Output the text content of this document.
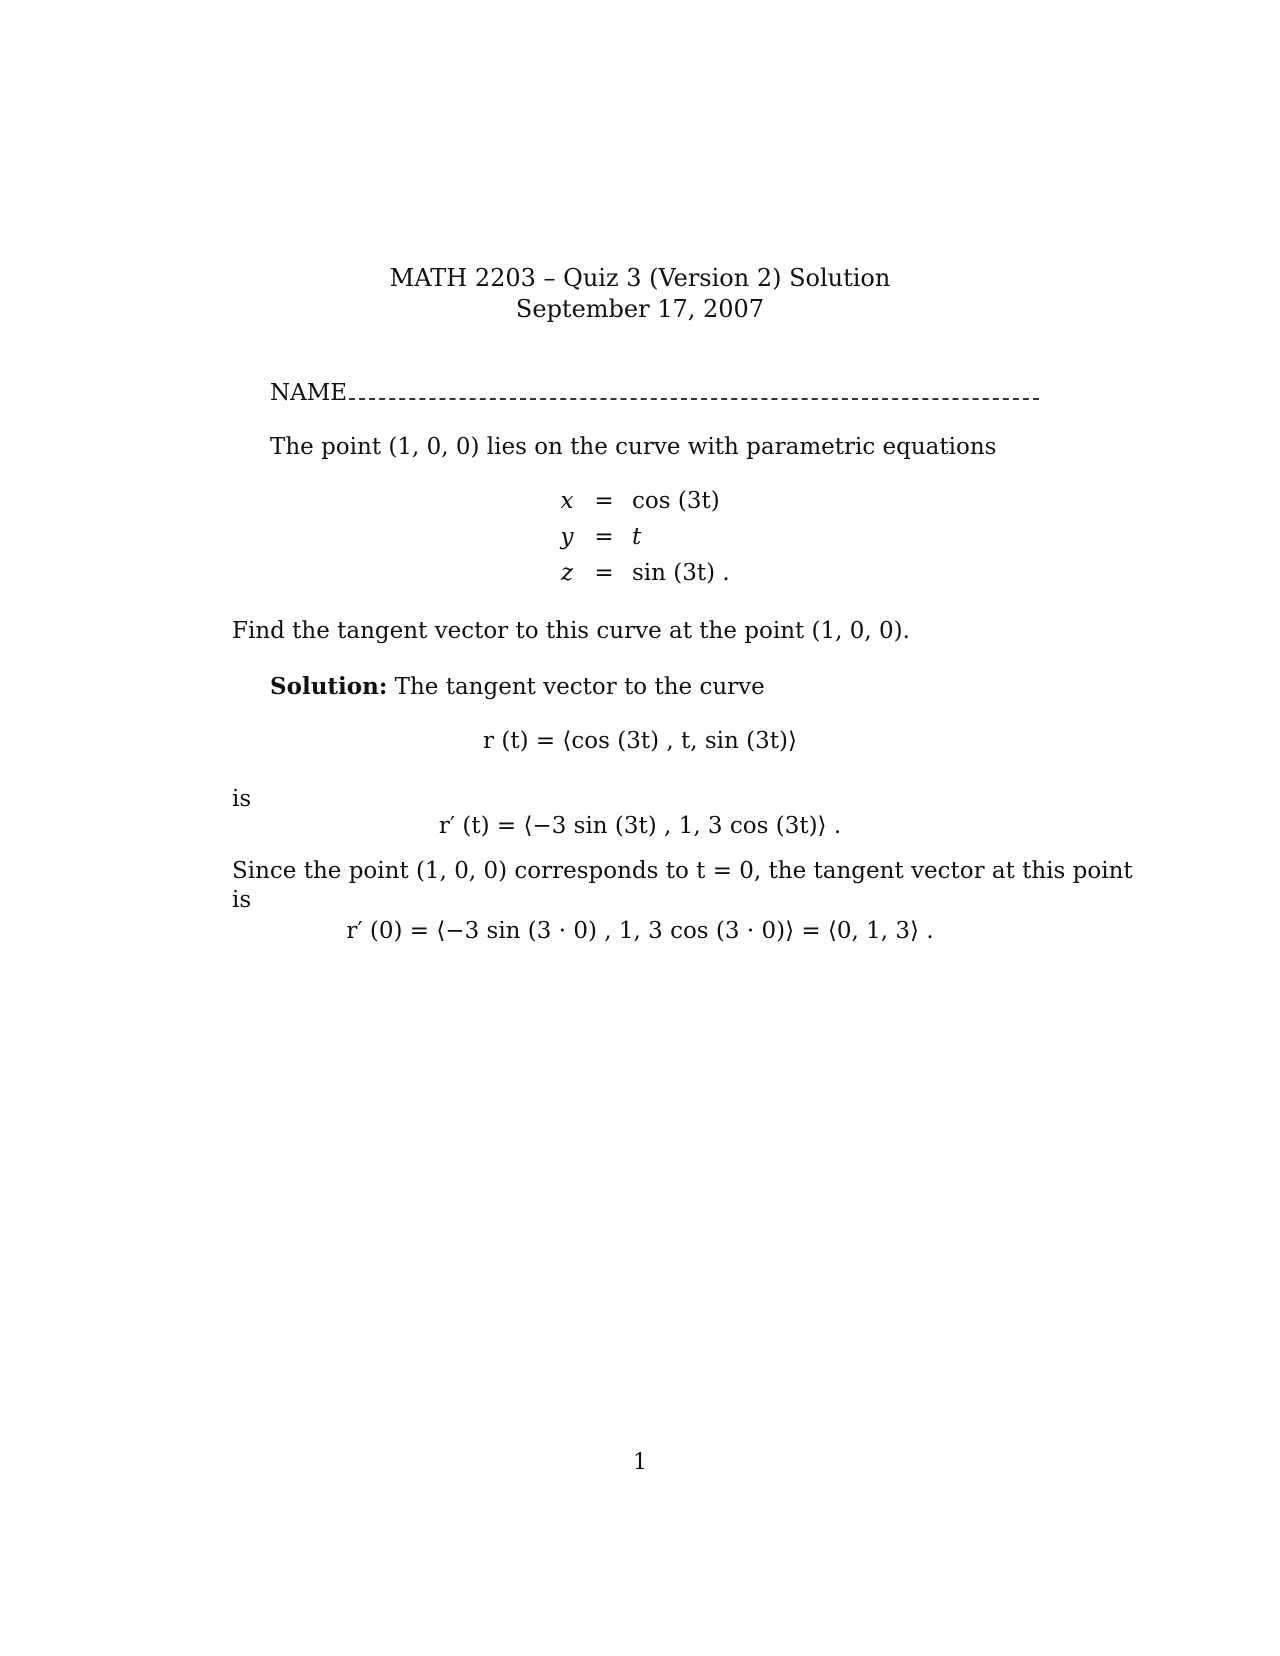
MATH 2203 – Quiz 3 (Version 2) Solution
September 17, 2007
NAME
The point (1, 0, 0) lies on the curve with parametric equations
x = cos (3t)
y = t
z = sin (3t) .
Find the tangent vector to this curve at the point (1, 0, 0).
Solution: The tangent vector to the curve
r (t) = ⟨cos (3t) , t, sin (3t)⟩
is
r′ (t) = ⟨−3 sin (3t) , 1, 3 cos (3t)⟩ .
Since the point (1, 0, 0) corresponds to t = 0, the tangent vector at this point
is
r′ (0) = ⟨−3 sin (3 · 0) , 1, 3 cos (3 · 0)⟩ = ⟨0, 1, 3⟩ .
1
